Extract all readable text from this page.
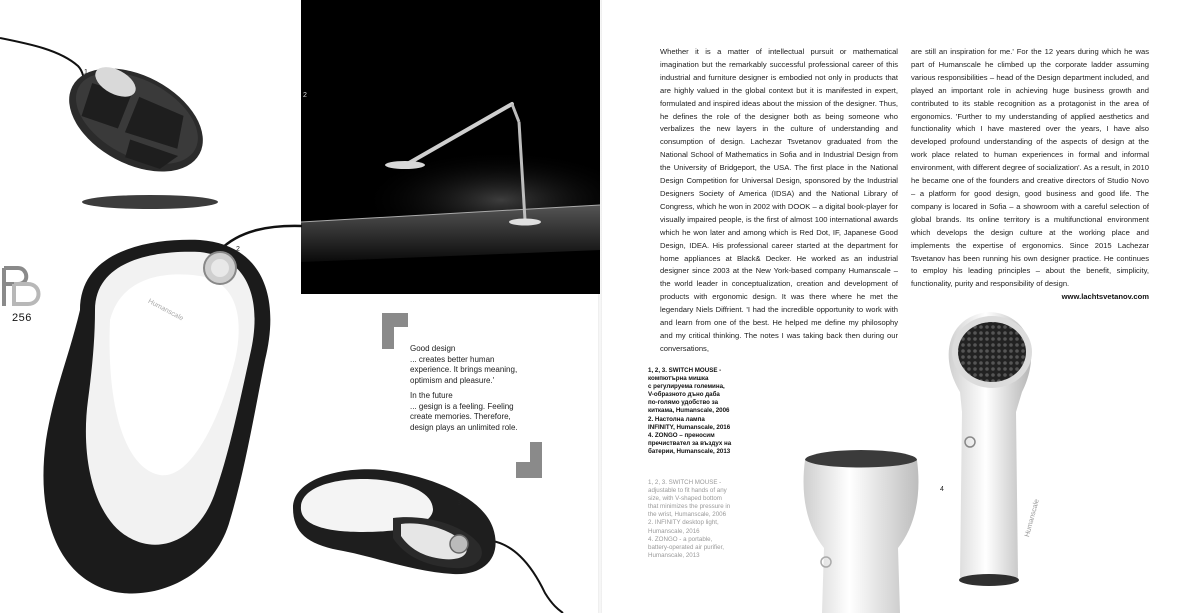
1
2
Humanscale
2
3
256

Good design
... creates better human experience. It brings meaning, optimism and pleasure.'

In the future
... gesign is a feeling. Feeling create memories. Therefore, design plays an unlimited role.

Whether it is a matter of intellectual pursuit or mathematical imagination but the remarkably successful professional career of this industrial and furniture designer is embodied not only in products that are highly valued in the global context but it is manifested in expert, formulated and inspired ideas about the mission of the designer. Thus, he defines the role of the designer both as being someone who verbalizes the new layers in the culture of understanding and consumption of design. Lachezar Tsvetanov graduated from the National School of Mathematics in Sofia and in Industrial Design from the University of Bridgeport, the USA. The first place in the National Design Competition for Universal Design, sponsored by the Industrial Designers Society of America (IDSA) and the National Library of Congress, which he won in 2002 with DOOK – a digital book-player for visually impaired people, is the first of almost 100 international awards which he won later and among which is Red Dot, IF, Japanese Good Design, IDEA. His professional career started at the department for home appliances at Black& Decker. He worked as an industrial designer since 2003 at the New York-based company Humanscale – the world leader in conceptualization, creation and development of products with ergonomic design. It was there where he met the legendary Niels Diffrient. 'I had the incredible opportunity to work with and learn from one of the best. He helped me define my philosophy and my critical thinking. The notes I was taking back then during our conversations,
are still an inspiration for me.' For the 12 years during which he was part of Humanscale he climbed up the corporate ladder assuming various responsibilities – head of the Design department included, and played an important role in achieving huge business growth and contributed to its stable recognition as a protagonist in the area of ergonomics. 'Further to my understanding of applied aesthetics and functionality which I have mastered over the years, I have also developed profound understanding of the aspects of design at the work place related to human experiences in formal and informal environment, with different degree of socialization'. As a result, in 2010 he became one of the founders and creative directors of Studio Novo – a platform for good design, good business and good life. The company is locared in Sofia – a showroom with a careful selection of global brands. Its online territory is a multifunctional environment which develops the design culture at the working place and implements the expertise of ergonomics. Since 2015 Lachezar Tsvetanov has been running his own designer practice. He continues to employ his leading principles – about the benefit, simplicity, functionality, purity and responsibility of design.
www.lachtsvetanov.com
1, 2, 3. SWITCH MOUSE -
компютърна мишка
с регулируема големина,
V-образното дъно даба
по-голямо удобство за
киткама, Humanscale, 2006
2. Настолна лампа
INFINITY, Humanscale, 2016
4. ZONGO – преносим
пречиствател за въздух на
батерии, Humanscale, 2013
1, 2, 3. SWITCH MOUSE -
adjustable to fit hands of any
size, with V-shaped bottom
that minimizes the pressure in
the wrist, Humanscale, 2006
2. INFINITY desktop light,
Humanscale, 2016
4. ZONGO - a portable,
battery-operated air purifier,
Humanscale, 2013
Humanscale
4
